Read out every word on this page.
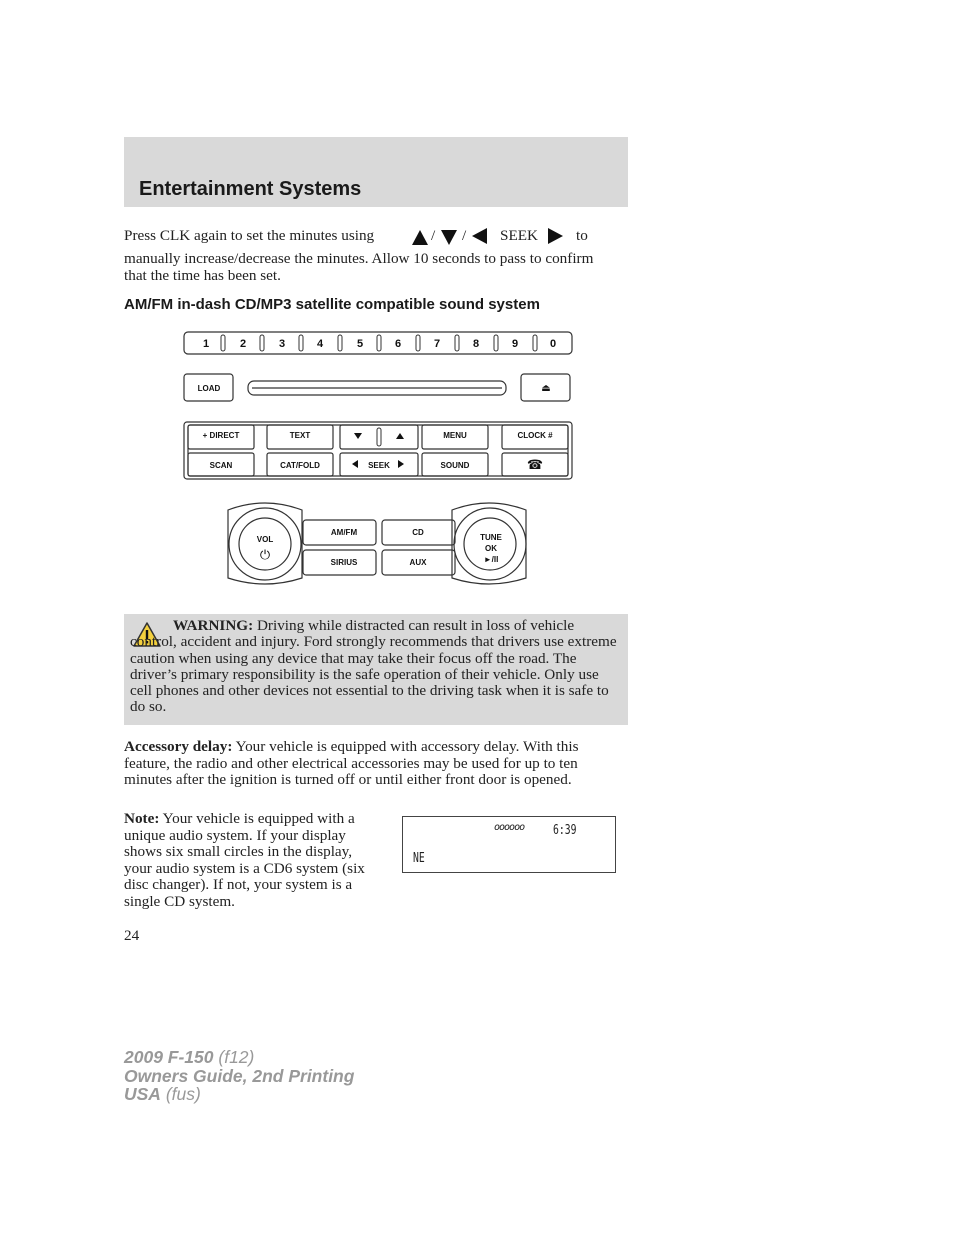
Entertainment Systems
Press CLK again to set the minutes using	/ / SEEK	to
manually increase/decrease the minutes. Allow 10 seconds to pass to confirm that the time has been set.
AM/FM in-dash CD/MP3 satellite compatible sound system
1	2	3	4	5	6	7	8	9	0
LOAD	⏏
+ DIRECT	TEXT	MENU	CLOCK #
SCAN	CAT/FOLD	SEEK	SOUND	☎
VOL
⏻
TUNE
OK
►/II
AM/FM	CD
SIRIUS	AUX
WARNING: Driving while distracted can result in loss of vehicle control, accident and injury. Ford strongly recommends that drivers use extreme caution when using any device that may take their focus off the road. The driver’s primary responsibility is the safe operation of their vehicle. Only use cell phones and other devices not essential to the driving task when it is safe to do so.
Accessory delay: Your vehicle is equipped with accessory delay. With this feature, the radio and other electrical accessories may be used for up to ten minutes after the ignition is turned off or until either front door is opened.
Note: Your vehicle is equipped with a unique audio system. If your display shows six small circles in the display, your audio system is a CD6 system (six disc changer). If not, your system is a single CD system.
oooooo 6:39
NE
24
2009 F-150 (f12)
Owners Guide, 2nd Printing
USA (fus)
